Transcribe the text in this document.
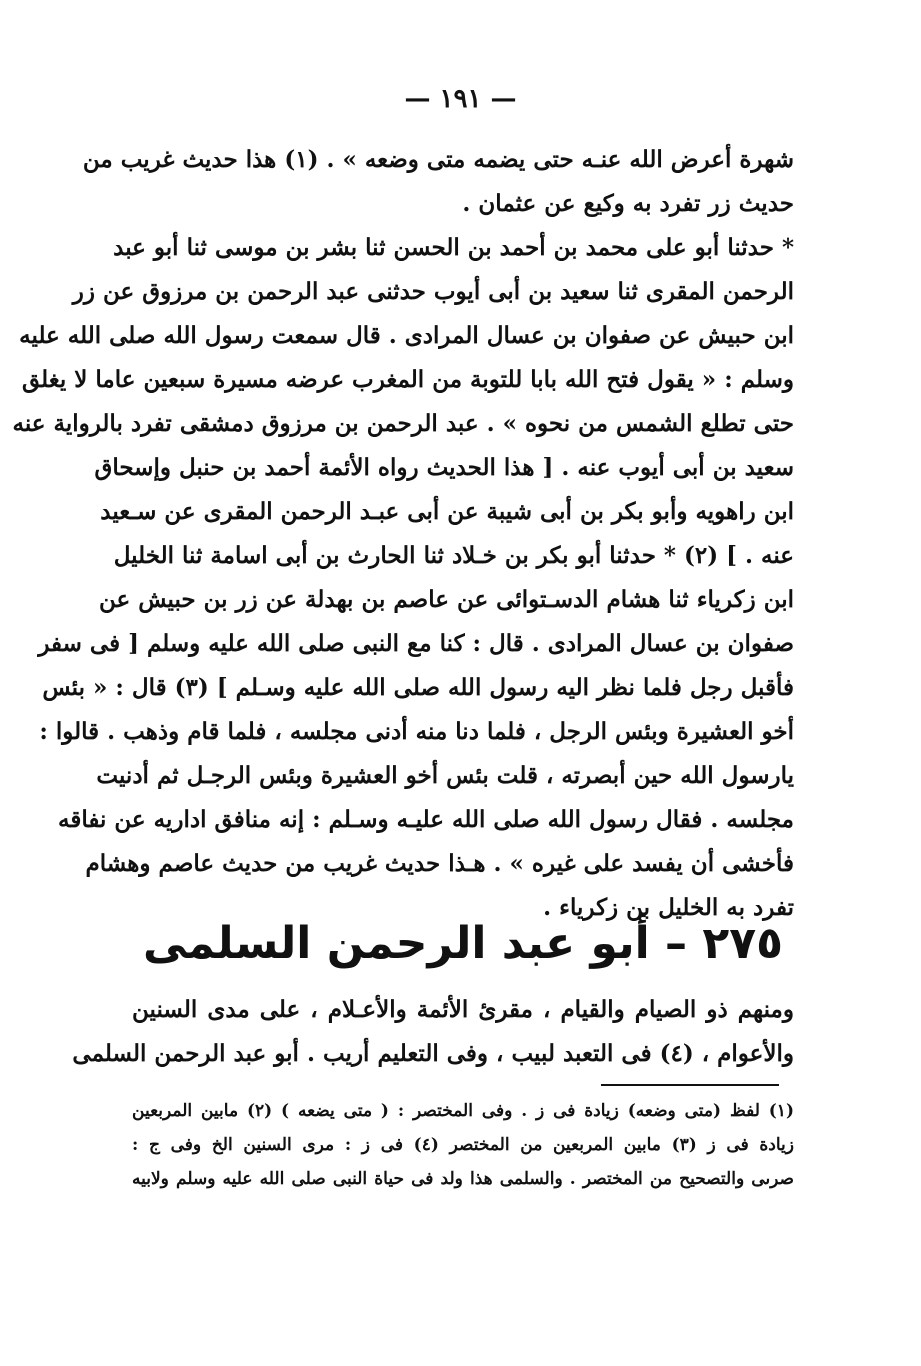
— ١٩١ —
شهرة أعرض الله عنـه حتى يضمه متى وضعه » . (١) هذا حديث غريب من
حديث زر تفرد به وكيع عن عثمان .
* حدثنا أبو على محمد بن أحمد بن الحسن ثنا بشر بن موسى ثنا أبو عبد
الرحمن المقرى ثنا سعيد بن أبى أيوب حدثنى عبد الرحمن بن مرزوق عن زر
ابن حبيش عن صفوان بن عسال المرادى . قال سمعت رسول الله صلى الله عليه
وسلم : « يقول فتح الله بابا للتوبة من المغرب عرضه مسيرة سبعين عاما لا يغلق
حتى تطلع الشمس من نحوه » . عبد الرحمن بن مرزوق دمشقى تفرد بالرواية عنه
سعيد بن أبى أيوب عنه . [ هذا الحديث رواه الأئمة أحمد بن حنبل وإسحاق
ابن راهويه وأبو بكر بن أبى شيبة عن أبى عبـد الرحمن المقرى عن سـعيد
عنه . ] (٢) * حدثنا أبو بكر بن خـلاد ثنا الحارث بن أبى اسامة ثنا الخليل
ابن زكرياء ثنا هشام الدسـتوائى عن عاصم بن بهدلة عن زر بن حبيش عن
صفوان بن عسال المرادى . قال : كنا مع النبى صلى الله عليه وسلم [ فى سفر
فأقبل رجل فلما نظر اليه رسول الله صلى الله عليه وسـلم ] (٣) قال : « بئس
أخو العشيرة وبئس الرجل ، فلما دنا منه أدنى مجلسه ، فلما قام وذهب . قالوا :
يارسول الله حين أبصرته ، قلت بئس أخو العشيرة وبئس الرجـل ثم أدنيت
مجلسه . فقال رسول الله صلى الله عليـه وسـلم : إنه منافق اداريه عن نفاقه
فأخشى أن يفسد على غيره » . هـذا حديث غريب من حديث عاصم وهشام
تفرد به الخليل بن زكرياء .
٢٧٥ – أبو عبد الرحمن السلمى
ومنهم ذو الصيام والقيام ، مقرئ الأئمة والأعـلام ، على مدى السنين
والأعوام ، (٤) فى التعبد لبيب ، وفى التعليم أريب . أبو عبد الرحمن السلمى
(١) لفظ (متى وضعه) زيادة فى ز . وفى المختصر : ( متى يضعه ) (٢) مابين المربعين
زيادة فى ز (٣) مابين المربعين من المختصر (٤) فى ز : مرى السنين الخ وفى ج :
صرىى والتصحيح من المختصر . والسلمى هذا ولد فى حياة النبى صلى الله عليه وسلم ولابيه
